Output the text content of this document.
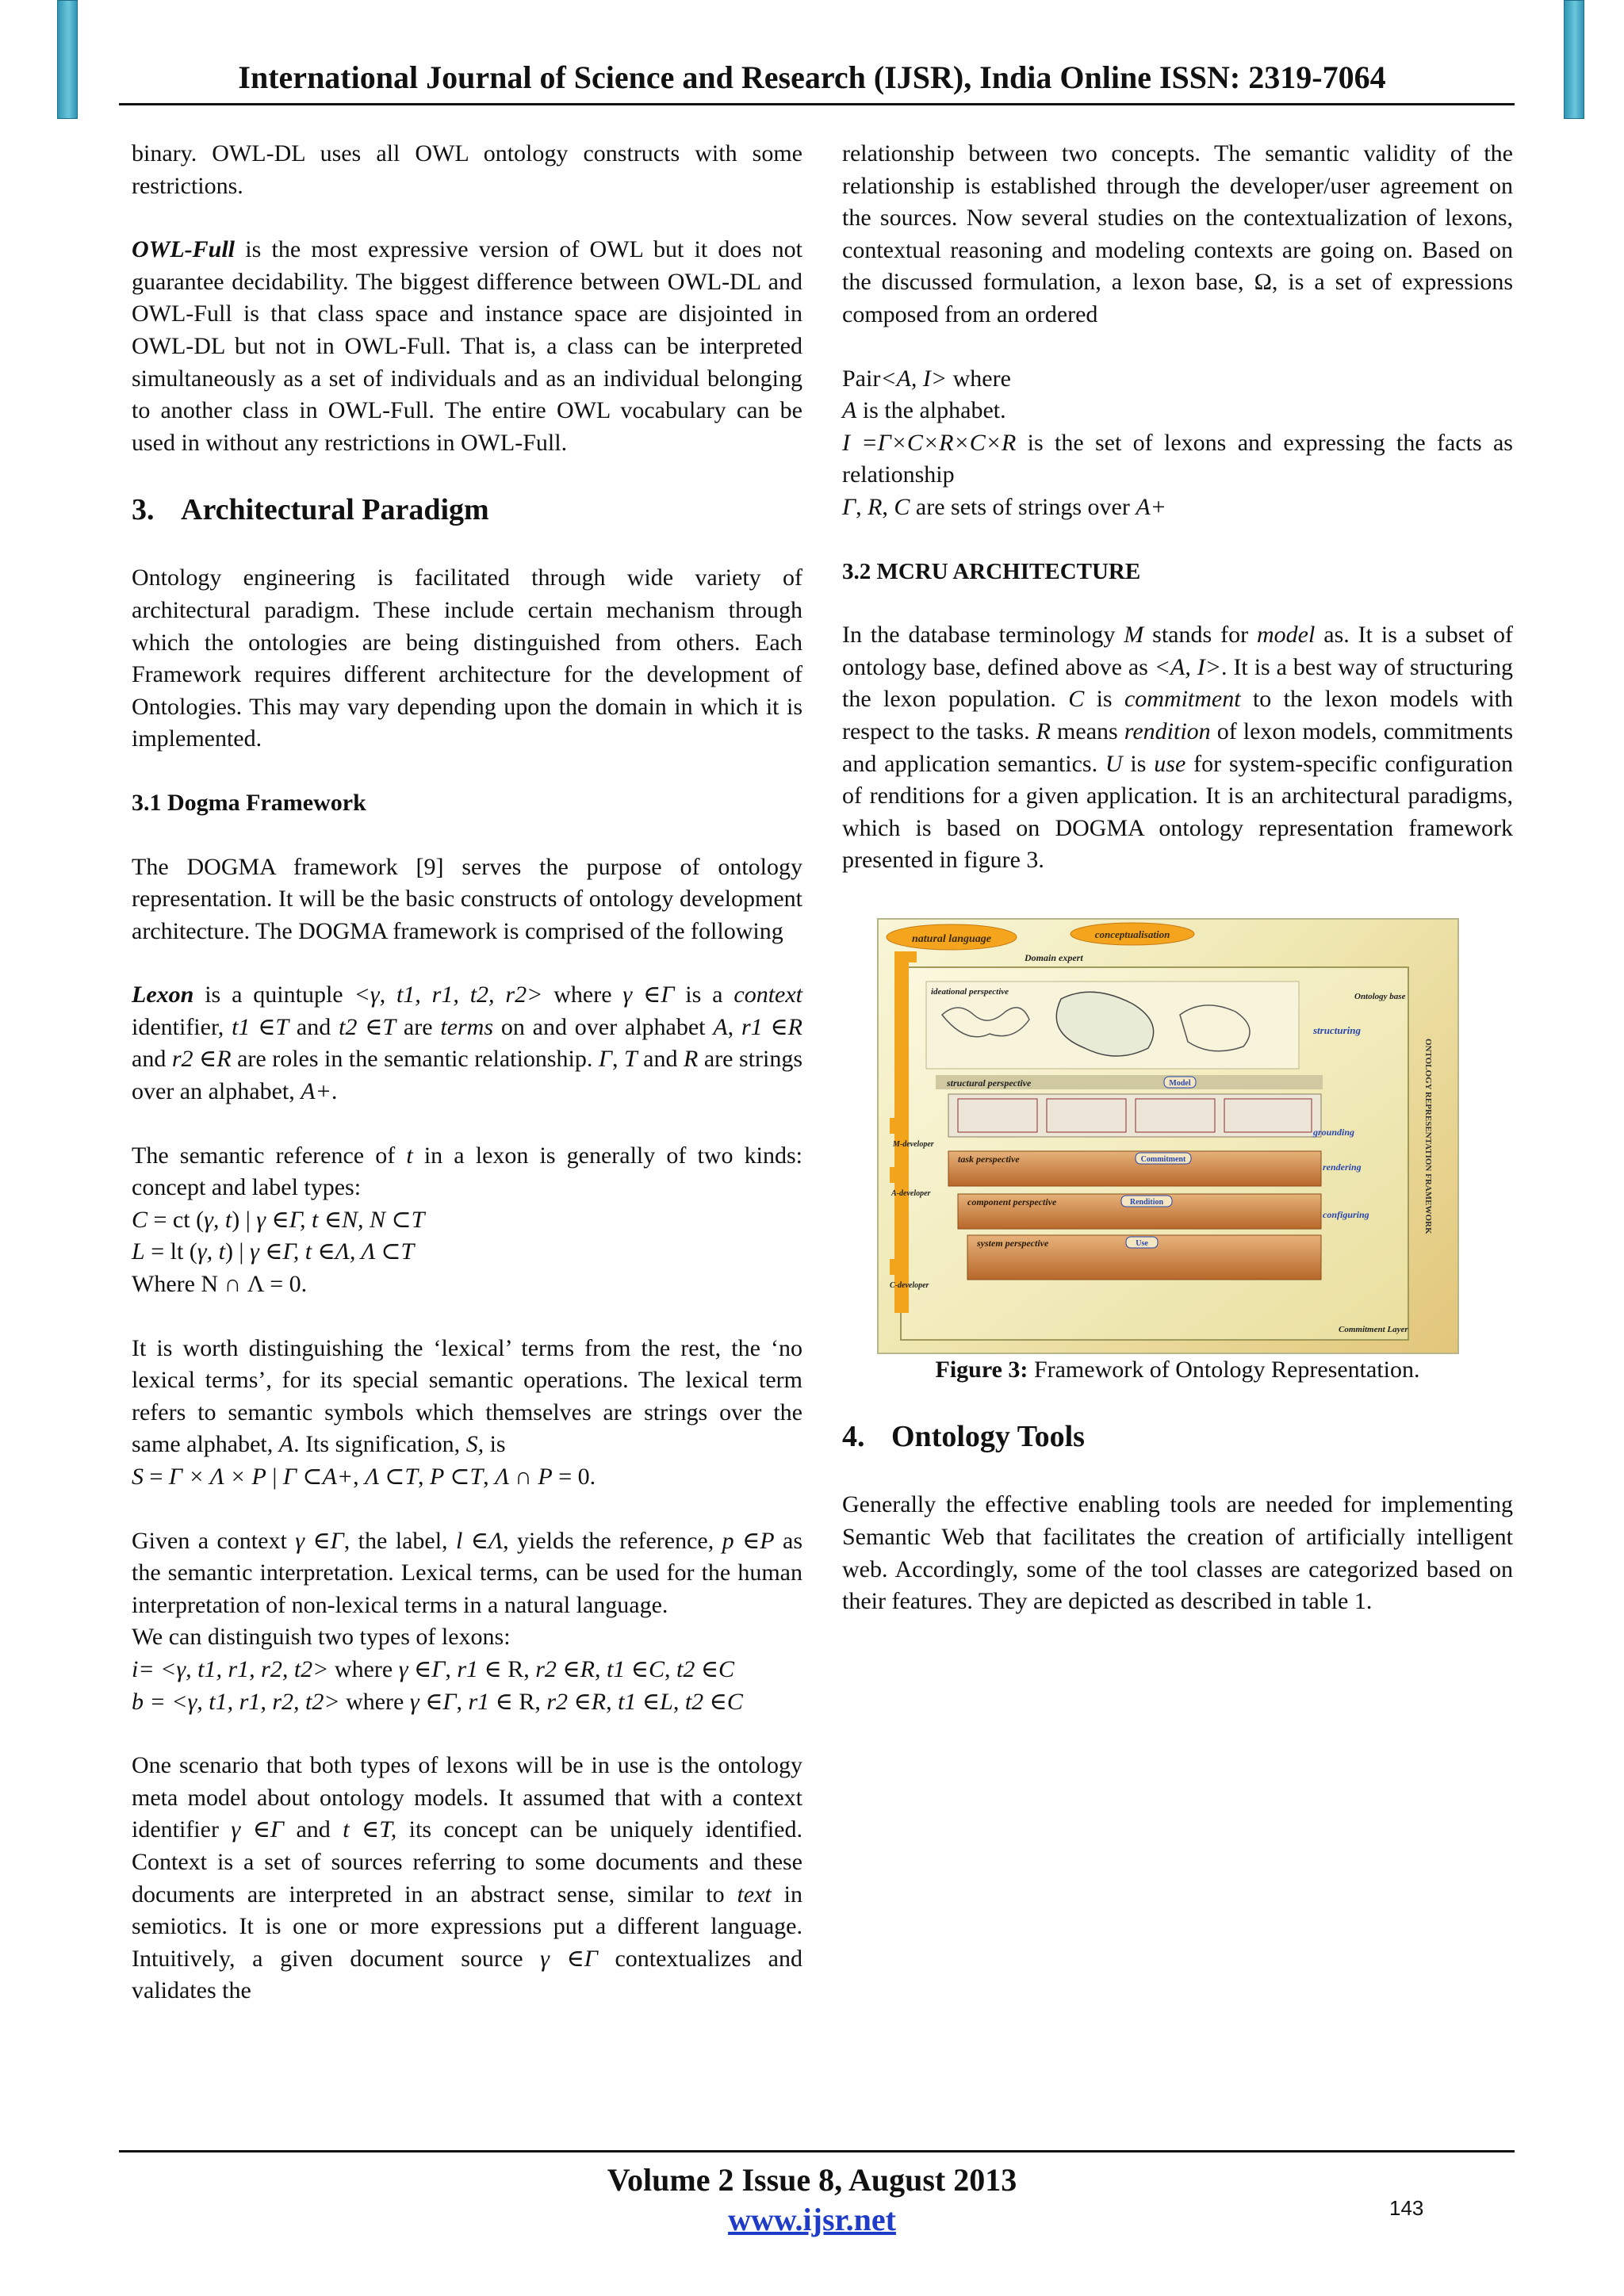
International Journal of Science and Research (IJSR), India Online ISSN: 2319-7064

binary. OWL-DL uses all OWL ontology constructs with some restrictions.

OWL-Full is the most expressive version of OWL but it does not guarantee decidability. The biggest difference between OWL-DL and OWL-Full is that class space and instance space are disjointed in OWL-DL but not in OWL-Full. That is, a class can be interpreted simultaneously as a set of individuals and as an individual belonging to another class in OWL-Full. The entire OWL vocabulary can be used in without any restrictions in OWL-Full.

3. Architectural Paradigm

Ontology engineering is facilitated through wide variety of architectural paradigm. These include certain mechanism through which the ontologies are being distinguished from others. Each Framework requires different architecture for the development of Ontologies. This may vary depending upon the domain in which it is implemented.

3.1 Dogma Framework

The DOGMA framework [9] serves the purpose of ontology representation. It will be the basic constructs of ontology development architecture. The DOGMA framework is comprised of the following

Lexon is a quintuple <γ, t1, r1, t2, r2> where γ ∈Γ is a context identifier, t1 ∈T and t2 ∈T are terms on and over alphabet A, r1 ∈R and r2 ∈R are roles in the semantic relationship. Γ, T and R are strings over an alphabet, A+.

The semantic reference of t in a lexon is generally of two kinds: concept and label types:

C = ct (γ, t) | γ ∈Γ, t ∈N, N ⊂T

L = lt (γ, t) | γ ∈Γ, t ∈Λ, Λ ⊂T

Where N ∩ Λ = 0.

It is worth distinguishing the ‘lexical’ terms from the rest, the ‘no lexical terms’, for its special semantic operations. The lexical term refers to semantic symbols which themselves are strings over the same alphabet, A. Its signification, S, is

S = Γ × Λ × P | Γ ⊂A+, Λ ⊂T, P ⊂T, Λ ∩ P = 0.

Given a context γ ∈Γ, the label, l ∈Λ, yields the reference, p ∈P as the semantic interpretation. Lexical terms, can be used for the human interpretation of non-lexical terms in a natural language.

We can distinguish two types of lexons:

i= <γ, t1, r1, r2, t2> where γ ∈Γ, r1 ∈ R, r2 ∈R, t1 ∈C, t2 ∈C

b = <γ, t1, r1, r2, t2> where γ ∈Γ, r1 ∈ R, r2 ∈R, t1 ∈L, t2 ∈C

One scenario that both types of lexons will be in use is the ontology meta model about ontology models. It assumed that with a context identifier γ ∈Γ and t ∈T, its concept can be uniquely identified. Context is a set of sources referring to some documents and these documents are interpreted in an abstract sense, similar to text in semiotics. It is one or more expressions put a different language. Intuitively, a given document source γ ∈Γ contextualizes and validates the

relationship between two concepts. The semantic validity of the relationship is established through the developer/user agreement on the sources. Now several studies on the contextualization of lexons, contextual reasoning and modeling contexts are going on. Based on the discussed formulation, a lexon base, Ω, is a set of expressions composed from an ordered

Pair<A, I> where

A is the alphabet.

I =Γ×C×R×C×R is the set of lexons and expressing the facts as relationship

Γ, R, C are sets of strings over A+

3.2 MCRU ARCHITECTURE

In the database terminology M stands for model as. It is a subset of ontology base, defined above as <A, I>. It is a best way of structuring the lexon population. C is commitment to the lexon models with respect to the tasks. R means rendition of lexon models, commitments and application semantics. U is use for system-specific configuration of renditions for a given application. It is an architectural paradigms, which is based on DOGMA ontology representation framework presented in figure 3.

natural language	conceptualisation
Domain expert
ideational perspective	Ontology base
structuring
structural perspective	Model
M-developer
grounding
task perspective	Commitment
rendering
component perspective	Rendition
A-developer
configuring
system perspective	Use
C-developer
ONTOLOGY REPRESENTATION FRAMEWORK
Commitment Layer

Figure 3: Framework of Ontology Representation.

4. Ontology Tools

Generally the effective enabling tools are needed for implementing Semantic Web that facilitates the creation of artificially intelligent web. Accordingly, some of the tool classes are categorized based on their features. They are depicted as described in table 1.

Volume 2 Issue 8, August 2013
www.ijsr.net	143
